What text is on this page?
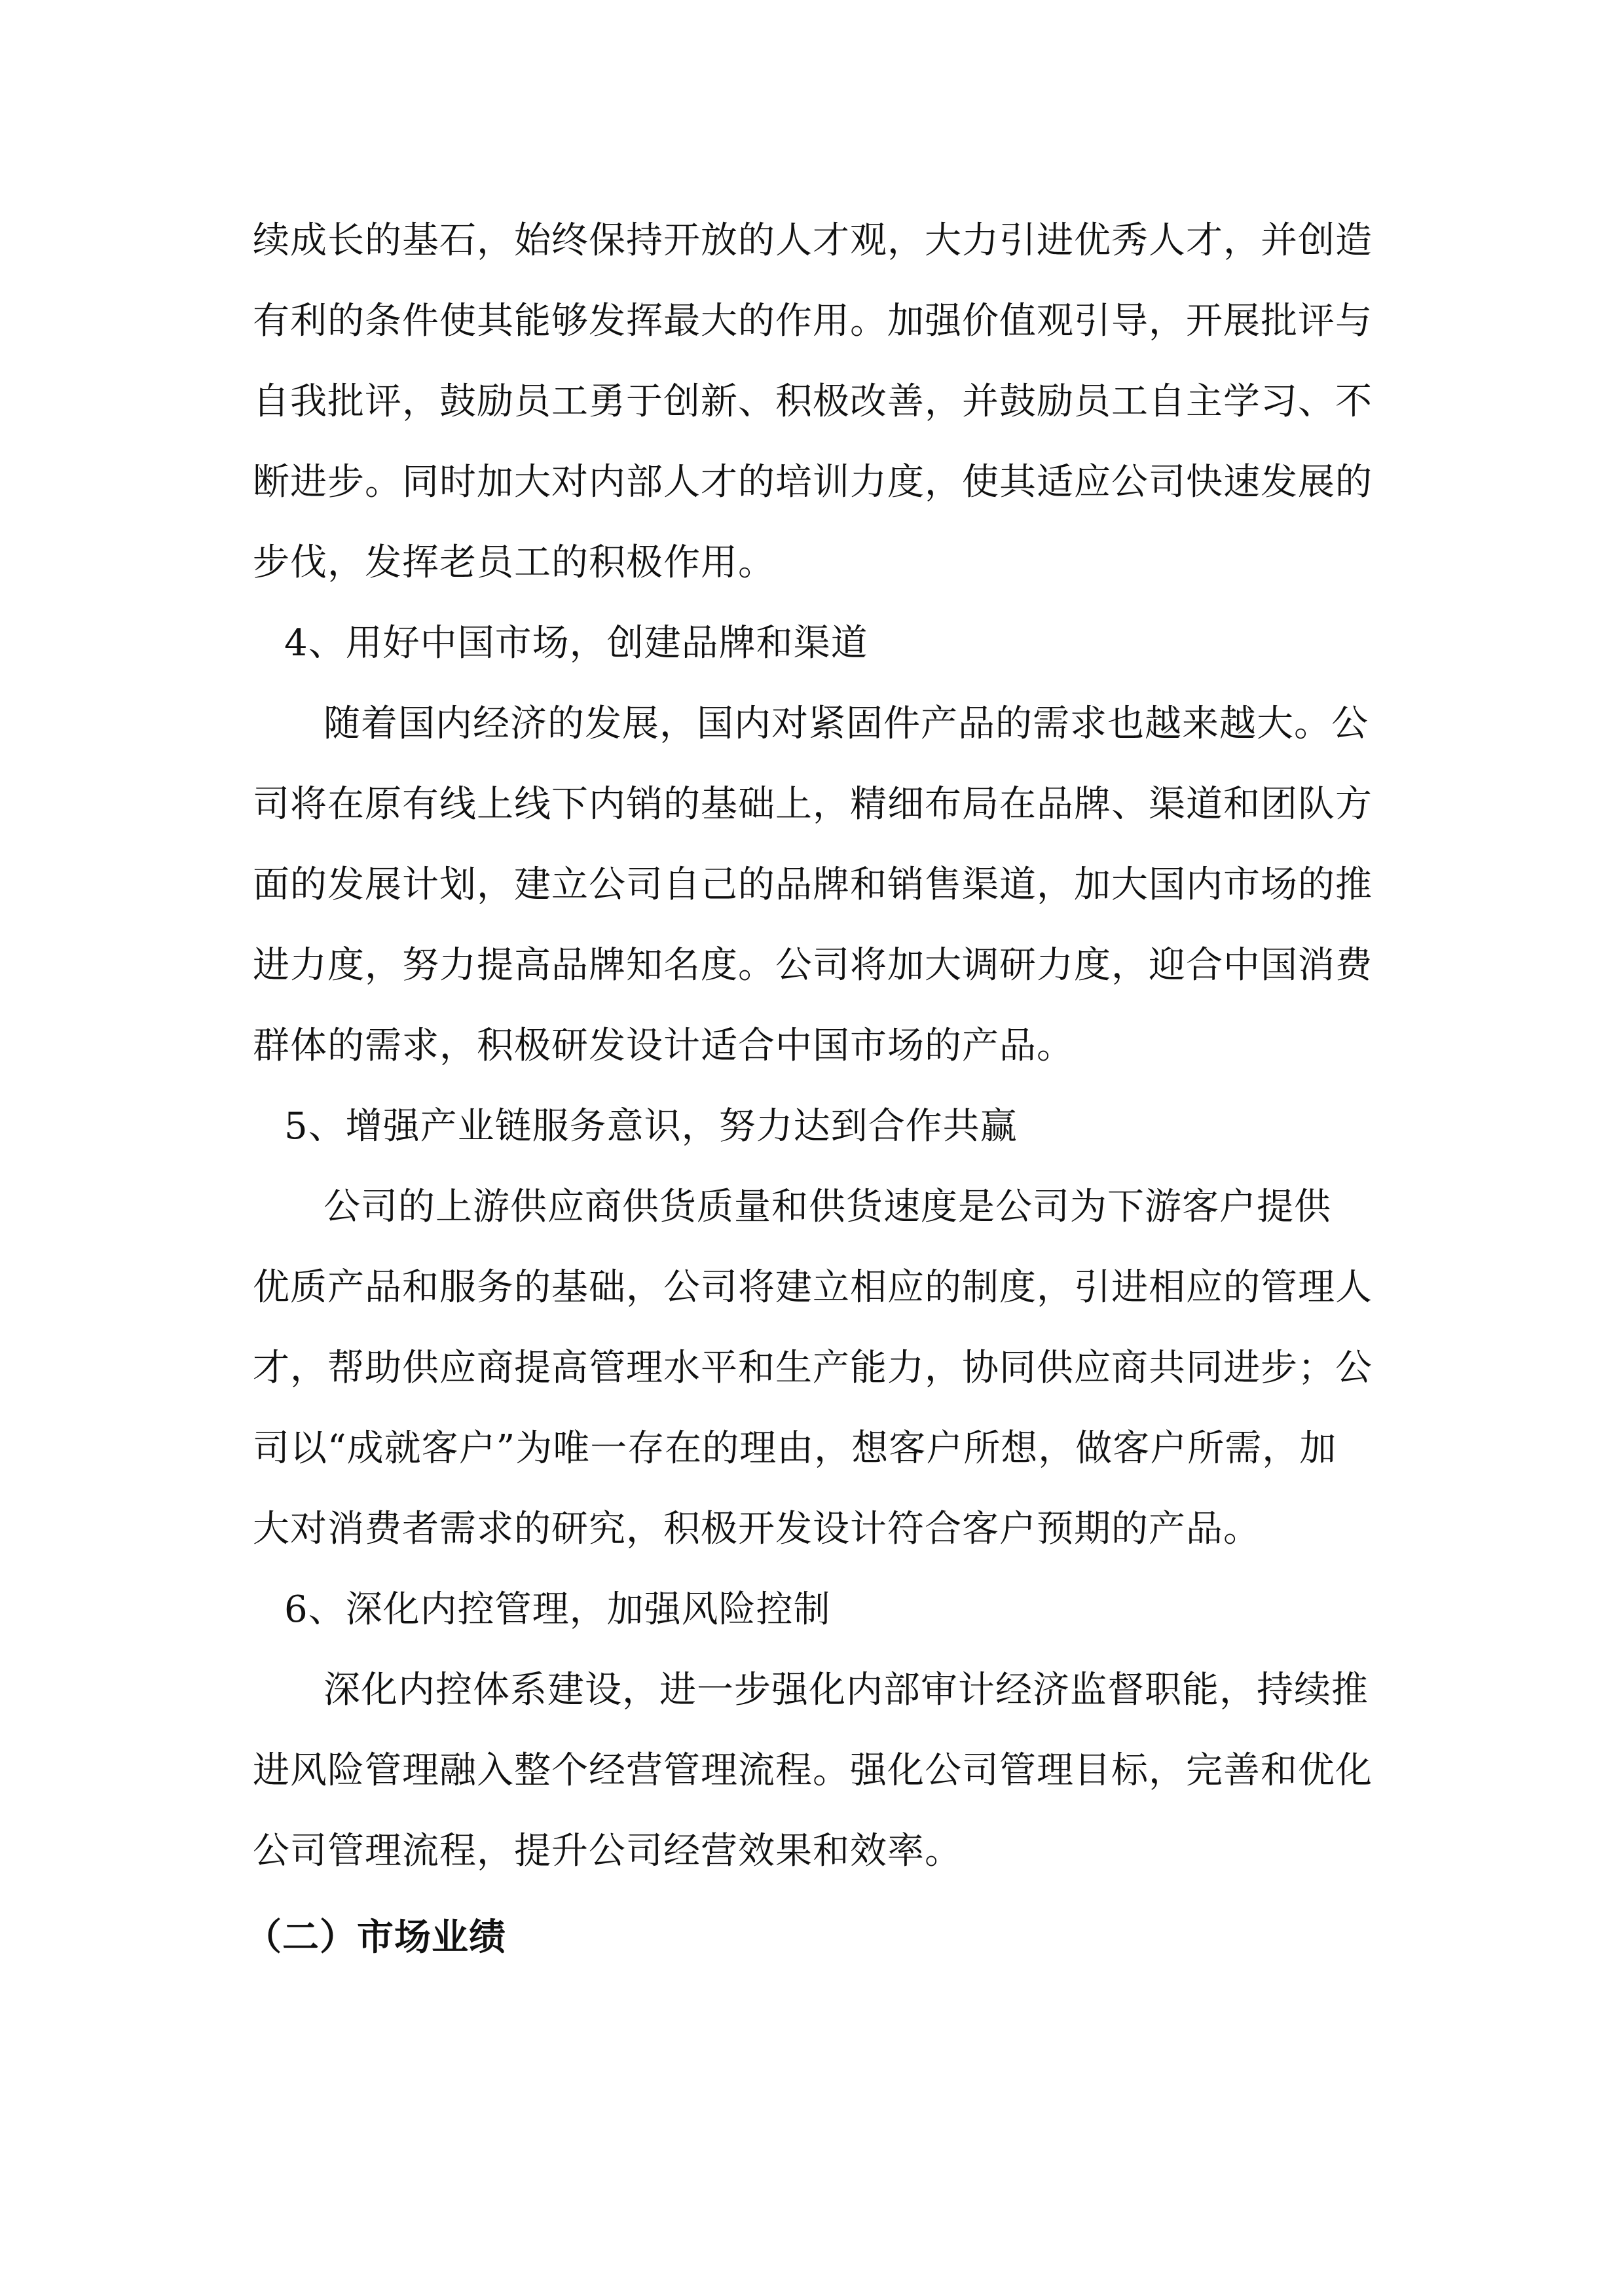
续成长的基石，始终保持开放的人才观，大力引进优秀人才，并创造
有利的条件使其能够发挥最大的作用。加强价值观引导，开展批评与
自我批评，鼓励员工勇于创新、积极改善，并鼓励员工自主学习、不
断进步。同时加大对内部人才的培训力度，使其适应公司快速发展的
步伐，发挥老员工的积极作用。
4、用好中国市场，创建品牌和渠道
随着国内经济的发展，国内对紧固件产品的需求也越来越大。公
司将在原有线上线下内销的基础上，精细布局在品牌、渠道和团队方
面的发展计划，建立公司自己的品牌和销售渠道，加大国内市场的推
进力度，努力提高品牌知名度。公司将加大调研力度，迎合中国消费
群体的需求，积极研发设计适合中国市场的产品。
5、增强产业链服务意识，努力达到合作共赢
公司的上游供应商供货质量和供货速度是公司为下游客户提供
优质产品和服务的基础，公司将建立相应的制度，引进相应的管理人
才，帮助供应商提高管理水平和生产能力，协同供应商共同进步；公
司以“成就客户”为唯一存在的理由，想客户所想，做客户所需，加
大对消费者需求的研究，积极开发设计符合客户预期的产品。
6、深化内控管理，加强风险控制
深化内控体系建设，进一步强化内部审计经济监督职能，持续推
进风险管理融入整个经营管理流程。强化公司管理目标，完善和优化
公司管理流程，提升公司经营效果和效率。
（二）市场业绩
